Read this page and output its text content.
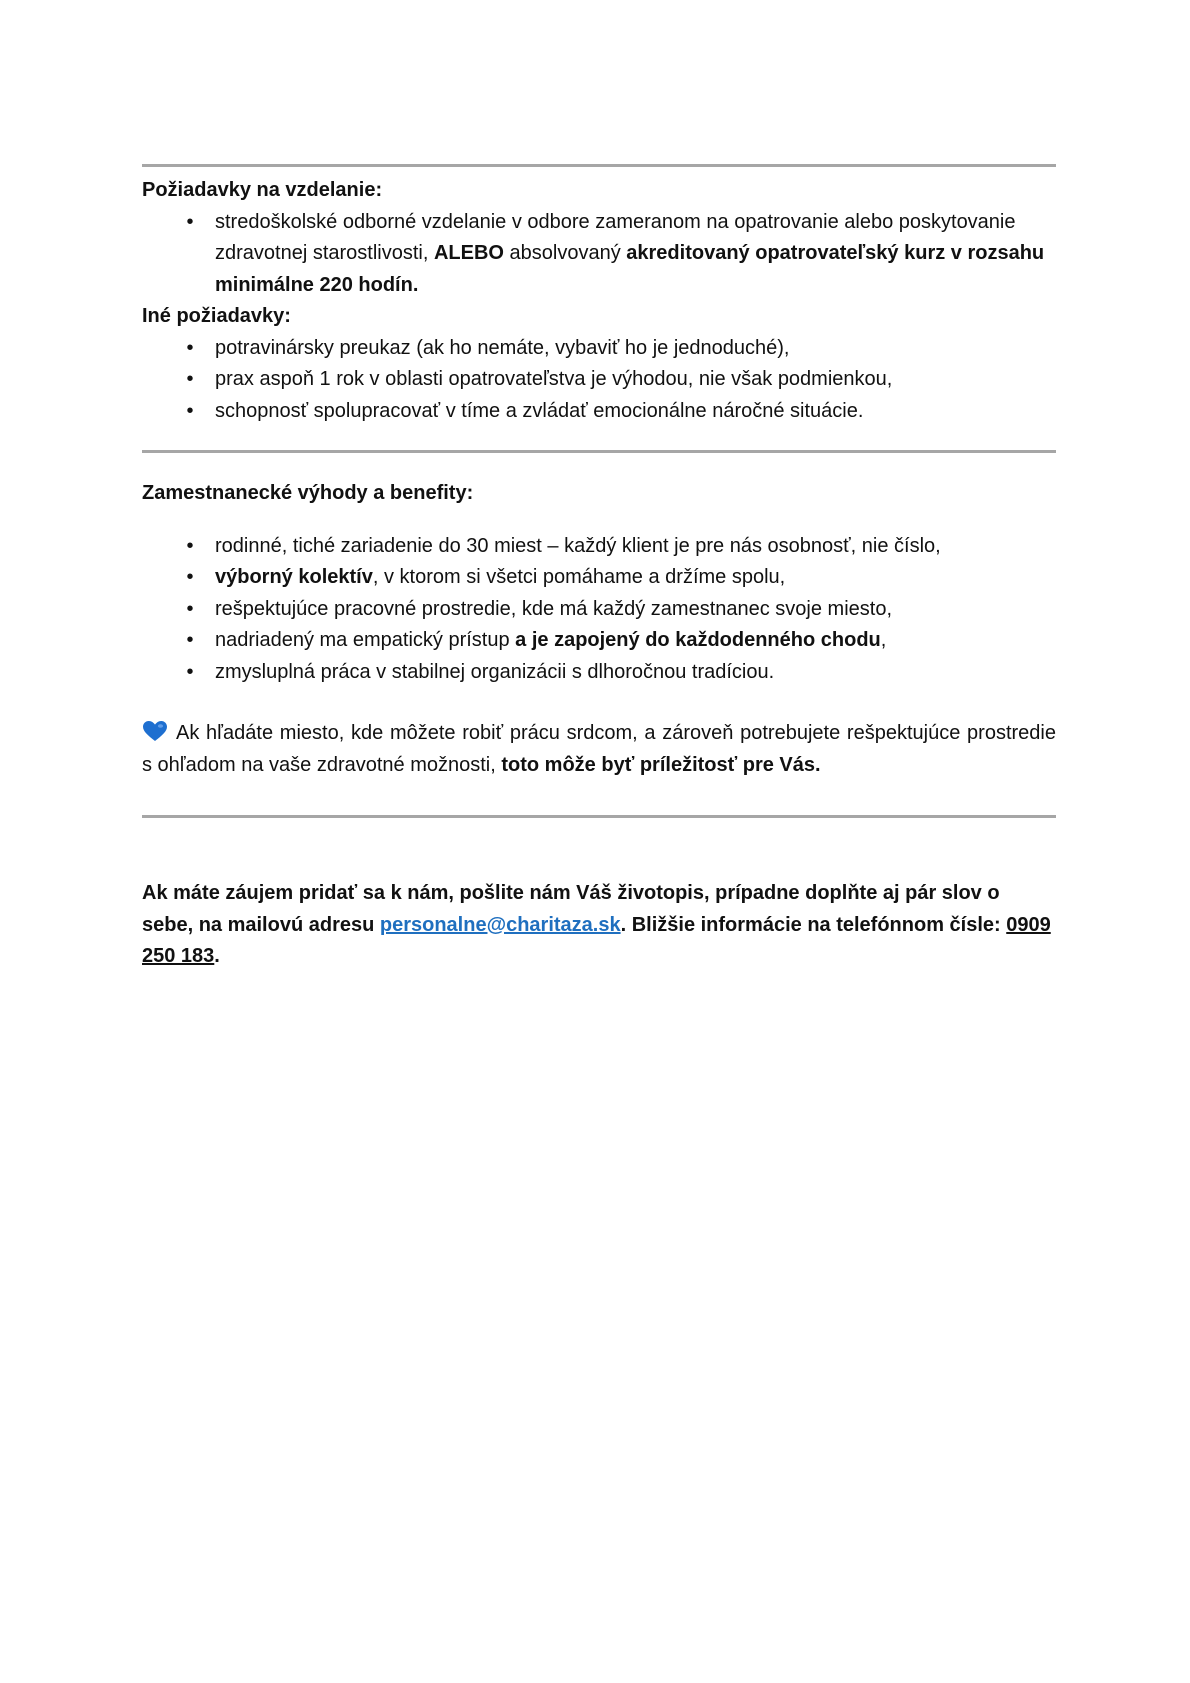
Požiadavky na vzdelanie:
• stredoškolské odborné vzdelanie v odbore zameranom na opatrovanie alebo poskytovanie zdravotnej starostlivosti, ALEBO absolvovaný akreditovaný opatrovateľský kurz v rozsahu minimálne 220 hodín.
Iné požiadavky:
• potravinársky preukaz (ak ho nemáte, vybaviť ho je jednoduché),
• prax aspoň 1 rok v oblasti opatrovateľstva je výhodou, nie však podmienkou,
• schopnosť spolupracovať v tíme a zvládať emocionálne náročné situácie.
Zamestnanecké výhody a benefity:
• rodinné, tiché zariadenie do 30 miest – každý klient je pre nás osobnosť, nie číslo,
• výborný kolektív, v ktorom si všetci pomáhame a držíme spolu,
• rešpektujúce pracovné prostredie, kde má každý zamestnanec svoje miesto,
• nadriadený ma empatický prístup a je zapojený do každodenného chodu,
• zmysluplná práca v stabilnej organizácii s dlhoročnou tradíciou.
Ak hľadáte miesto, kde môžete robiť prácu srdcom, a zároveň potrebujete rešpektujúce prostredie s ohľadom na vaše zdravotné možnosti, toto môže byť príležitosť pre Vás.
Ak máte záujem pridať sa k nám, pošlite nám Váš životopis, prípadne doplňte aj pár slov o sebe, na mailovú adresu personalne@charitaza.sk. Bližšie informácie na telefónnom čísle: 0909 250 183.
